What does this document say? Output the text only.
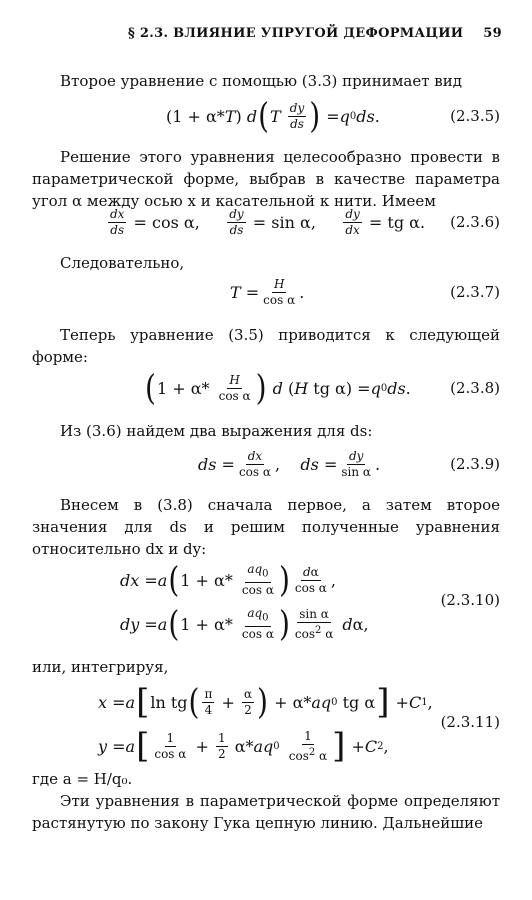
§ 2.3. ВЛИЯНИЕ УПРУГОЙ ДЕФОРМАЦИИ 59
Второе уравнение с помощью (3.3) принимает вид
(1 + α* T ) d ( T
$\frac{dy}{ds}$ ) = q 0 ds .	(2.3.5)
Решение этого уравнения целесообразно провести в параметрической форме, выбрав в качестве параметра угол α между осью x и касательной к нити. Имеем
$\frac{dx}{ds} = \cos \alpha$, $\frac{dy}{ds} = \sin \alpha$, $\frac{dy}{dx}$ = tg α. (2.3.6)
Следовательно,
$T = \frac{H}{\text{cos α}}$ .	(2.3.7)
Теперь уравнение (3.5) приводится к следующей форме:
( $1 + \alpha* \frac{H}{\text{cos α}}$ )
d ( H tg α) = q 0 ds .	(2.3.8)
Из (3.6) найдем два выражения для ds:
ds = $\frac{dx}{\text{cos α}}$ , ds = $\frac{dy}{\text{sin α}}$ .	(2.3.9)
Внесем в (3.8) сначала первое, а затем второе значения для ds и решим полученные уравнения относительно dx и dy:
dx = a ( $1 + \alpha* \frac{aq_0}{\text{cos α}}$ ) $\frac{d\alpha}{\text{cos α}}$ ,
dy = a ( $1 + \alpha* \frac{aq_0}{\text{cos α}}$ ) $\frac{\text{sin α}}{\cos^2 \alpha}$
d α,
(2.3.10)
или, интегрируя,
x = a [ ln tg ( $\frac{\pi}{4} + \frac{\alpha}{2}$ ) + α* aq 0 tg α ] + C 1 ,
y = a [ $\frac{1}{\text{cos α}} + \frac{1}{2} \alpha*$ aq 0
$\frac{1}{\cos^2 \alpha}$ ] + C 2 ,
(2.3.11)
где a = H/q₀.
Эти уравнения в параметрической форме определяют растянутую по закону Гука цепную линию. Дальнейшие
